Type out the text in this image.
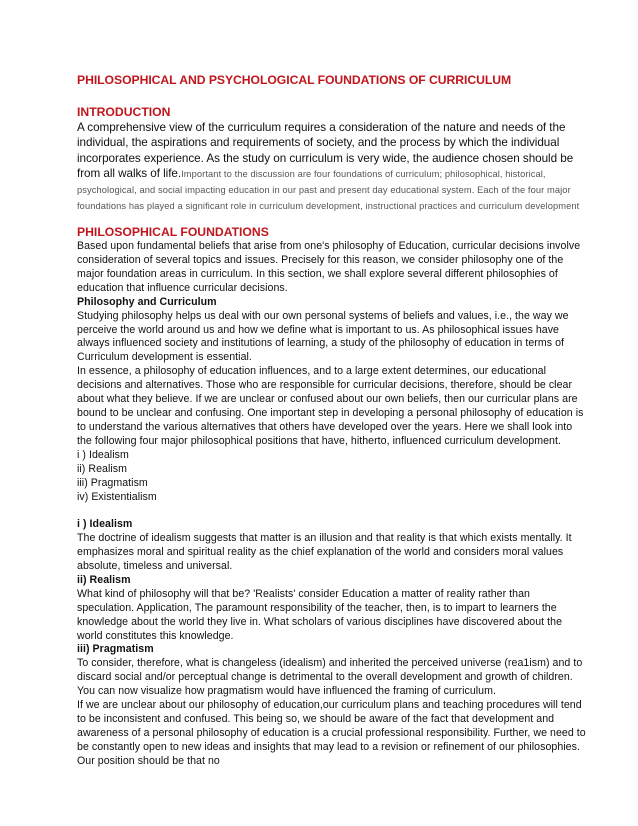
PHILOSOPHICAL AND PSYCHOLOGICAL FOUNDATIONS OF CURRICULUM
INTRODUCTION

A comprehensive view of the curriculum requires a consideration of the nature and needs of the individual, the aspirations and requirements of society, and the process by which the individual incorporates experience. As the study on curriculum is very wide, the audience chosen should be from all walks of life.Important to the discussion are four foundations of curriculum; philosophical, historical, psychological, and social impacting education in our past and present day educational system. Each of the four major foundations has played a significant role in curriculum development, instructional practices and curriculum development

PHILOSOPHICAL FOUNDATIONS

Based upon fundamental beliefs that arise from one's philosophy of Education, curricular decisions involve consideration of several topics and issues. Precisely for this reason, we consider philosophy one of the major foundation areas in curriculum. In this section, we shall explore several different philosophies of education that influence curricular decisions.

Philosophy and Curriculum

Studying philosophy helps us deal with our own personal systems of beliefs and values, i.e., the way we perceive the world around us and how we define what is important to us. As philosophical issues have always influenced society and institutions of learning, a study of the philosophy of education in terms of Curriculum development is essential.

In essence, a philosophy of education influences, and to a large extent determines, our educational decisions and alternatives. Those who are responsible for curricular decisions, therefore, should be clear about what they believe. If we are unclear or confused about our own beliefs, then our curricular plans are bound to be unclear and confusing. One important step in developing a personal philosophy of education is to understand the various alternatives that others have developed over the years. Here we shall look into the following four major philosophical positions that have, hitherto, influenced curriculum development.

i ) Idealism

ii) Realism

iii) Pragmatism

iv) Existentialism

i ) Idealism

The doctrine of idealism suggests that matter is an illusion and that reality is that which exists mentally. It emphasizes moral and spiritual reality as the chief explanation of the world and considers moral values absolute, timeless and universal.

ii) Realism

What kind of philosophy will that be? 'Realists' consider Education a matter of reality rather than speculation. Application, The paramount responsibility of the teacher, then, is to impart to learners the knowledge about the world they live in. What scholars of various disciplines have discovered about the world constitutes this knowledge.

iii) Pragmatism

To consider, therefore, what is changeless (idealism) and inherited the perceived universe (rea1ism) and to discard social and/or perceptual change is detrimental to the overall development and growth of children. You can now visualize how pragmatism would have influenced the framing of curriculum.

If we are unclear about our philosophy of education,our curriculum plans and teaching procedures will tend to be inconsistent and confused. This being so, we should be aware of the fact that development and awareness of a personal philosophy of education is a crucial professional responsibility. Further, we need to be constantly open to new ideas and insights that may lead to a revision or refinement of our philosophies. Our position should be that no
